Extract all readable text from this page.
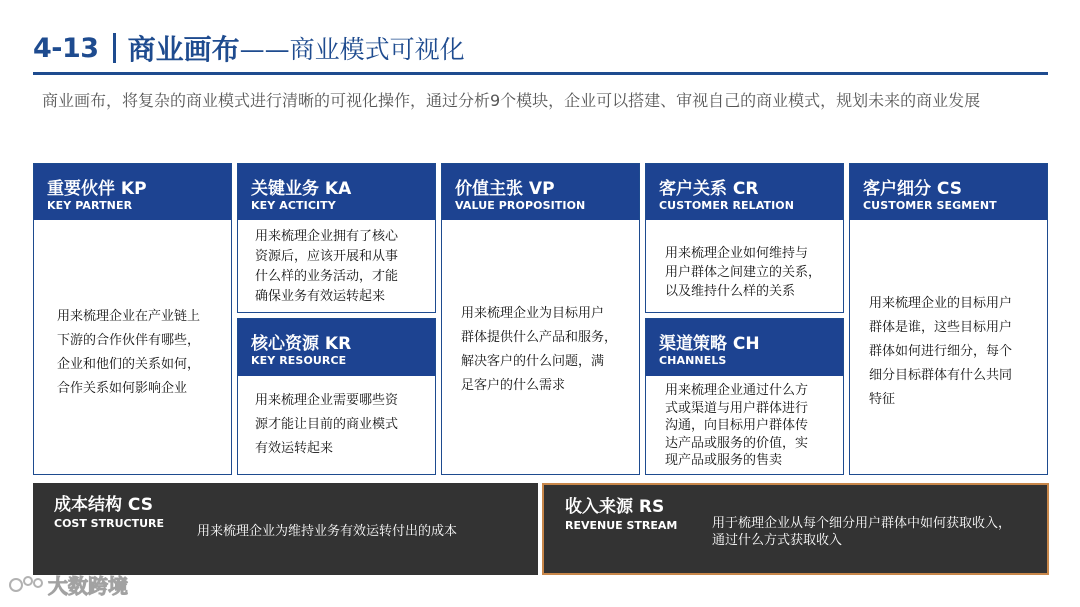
4-13 商业画布 ——商业模式可视化
商业画布，将复杂的商业模式进行清晰的可视化操作，通过分析9个模块，企业可以搭建、审视自己的商业模式，规划未来的商业发展
重要伙伴 KP
KEY PARTNER
用来梳理企业在产业链上
下游的合作伙伴有哪些，
企业和他们的关系如何，
合作关系如何影响企业
关键业务 KA
KEY ACTICITY
用来梳理企业拥有了核心
资源后，应该开展和从事
什么样的业务活动，才能
确保业务有效运转起来
核心资源 KR
KEY RESOURCE
用来梳理企业需要哪些资
源才能让目前的商业模式
有效运转起来
价值主张 VP
VALUE PROPOSITION
用来梳理企业为目标用户
群体提供什么产品和服务，
解决客户的什么问题，满
足客户的什么需求
客户关系 CR
CUSTOMER RELATION
用来梳理企业如何维持与
用户群体之间建立的关系，
以及维持什么样的关系
渠道策略 CH
CHANNELS
用来梳理企业通过什么方
式或渠道与用户群体进行
沟通，向目标用户群体传
达产品或服务的价值，实
现产品或服务的售卖
客户细分 CS
CUSTOMER SEGMENT
用来梳理企业的目标用户
群体是谁，这些目标用户
群体如何进行细分，每个
细分目标群体有什么共同
特征
成本结构 CS
COST STRUCTURE
用来梳理企业为维持业务有效运转付出的成本
收入来源 RS
REVENUE STREAM	用于梳理企业从每个细分用户群体中如何获取收入，
通过什么方式获取收入
大数跨境
